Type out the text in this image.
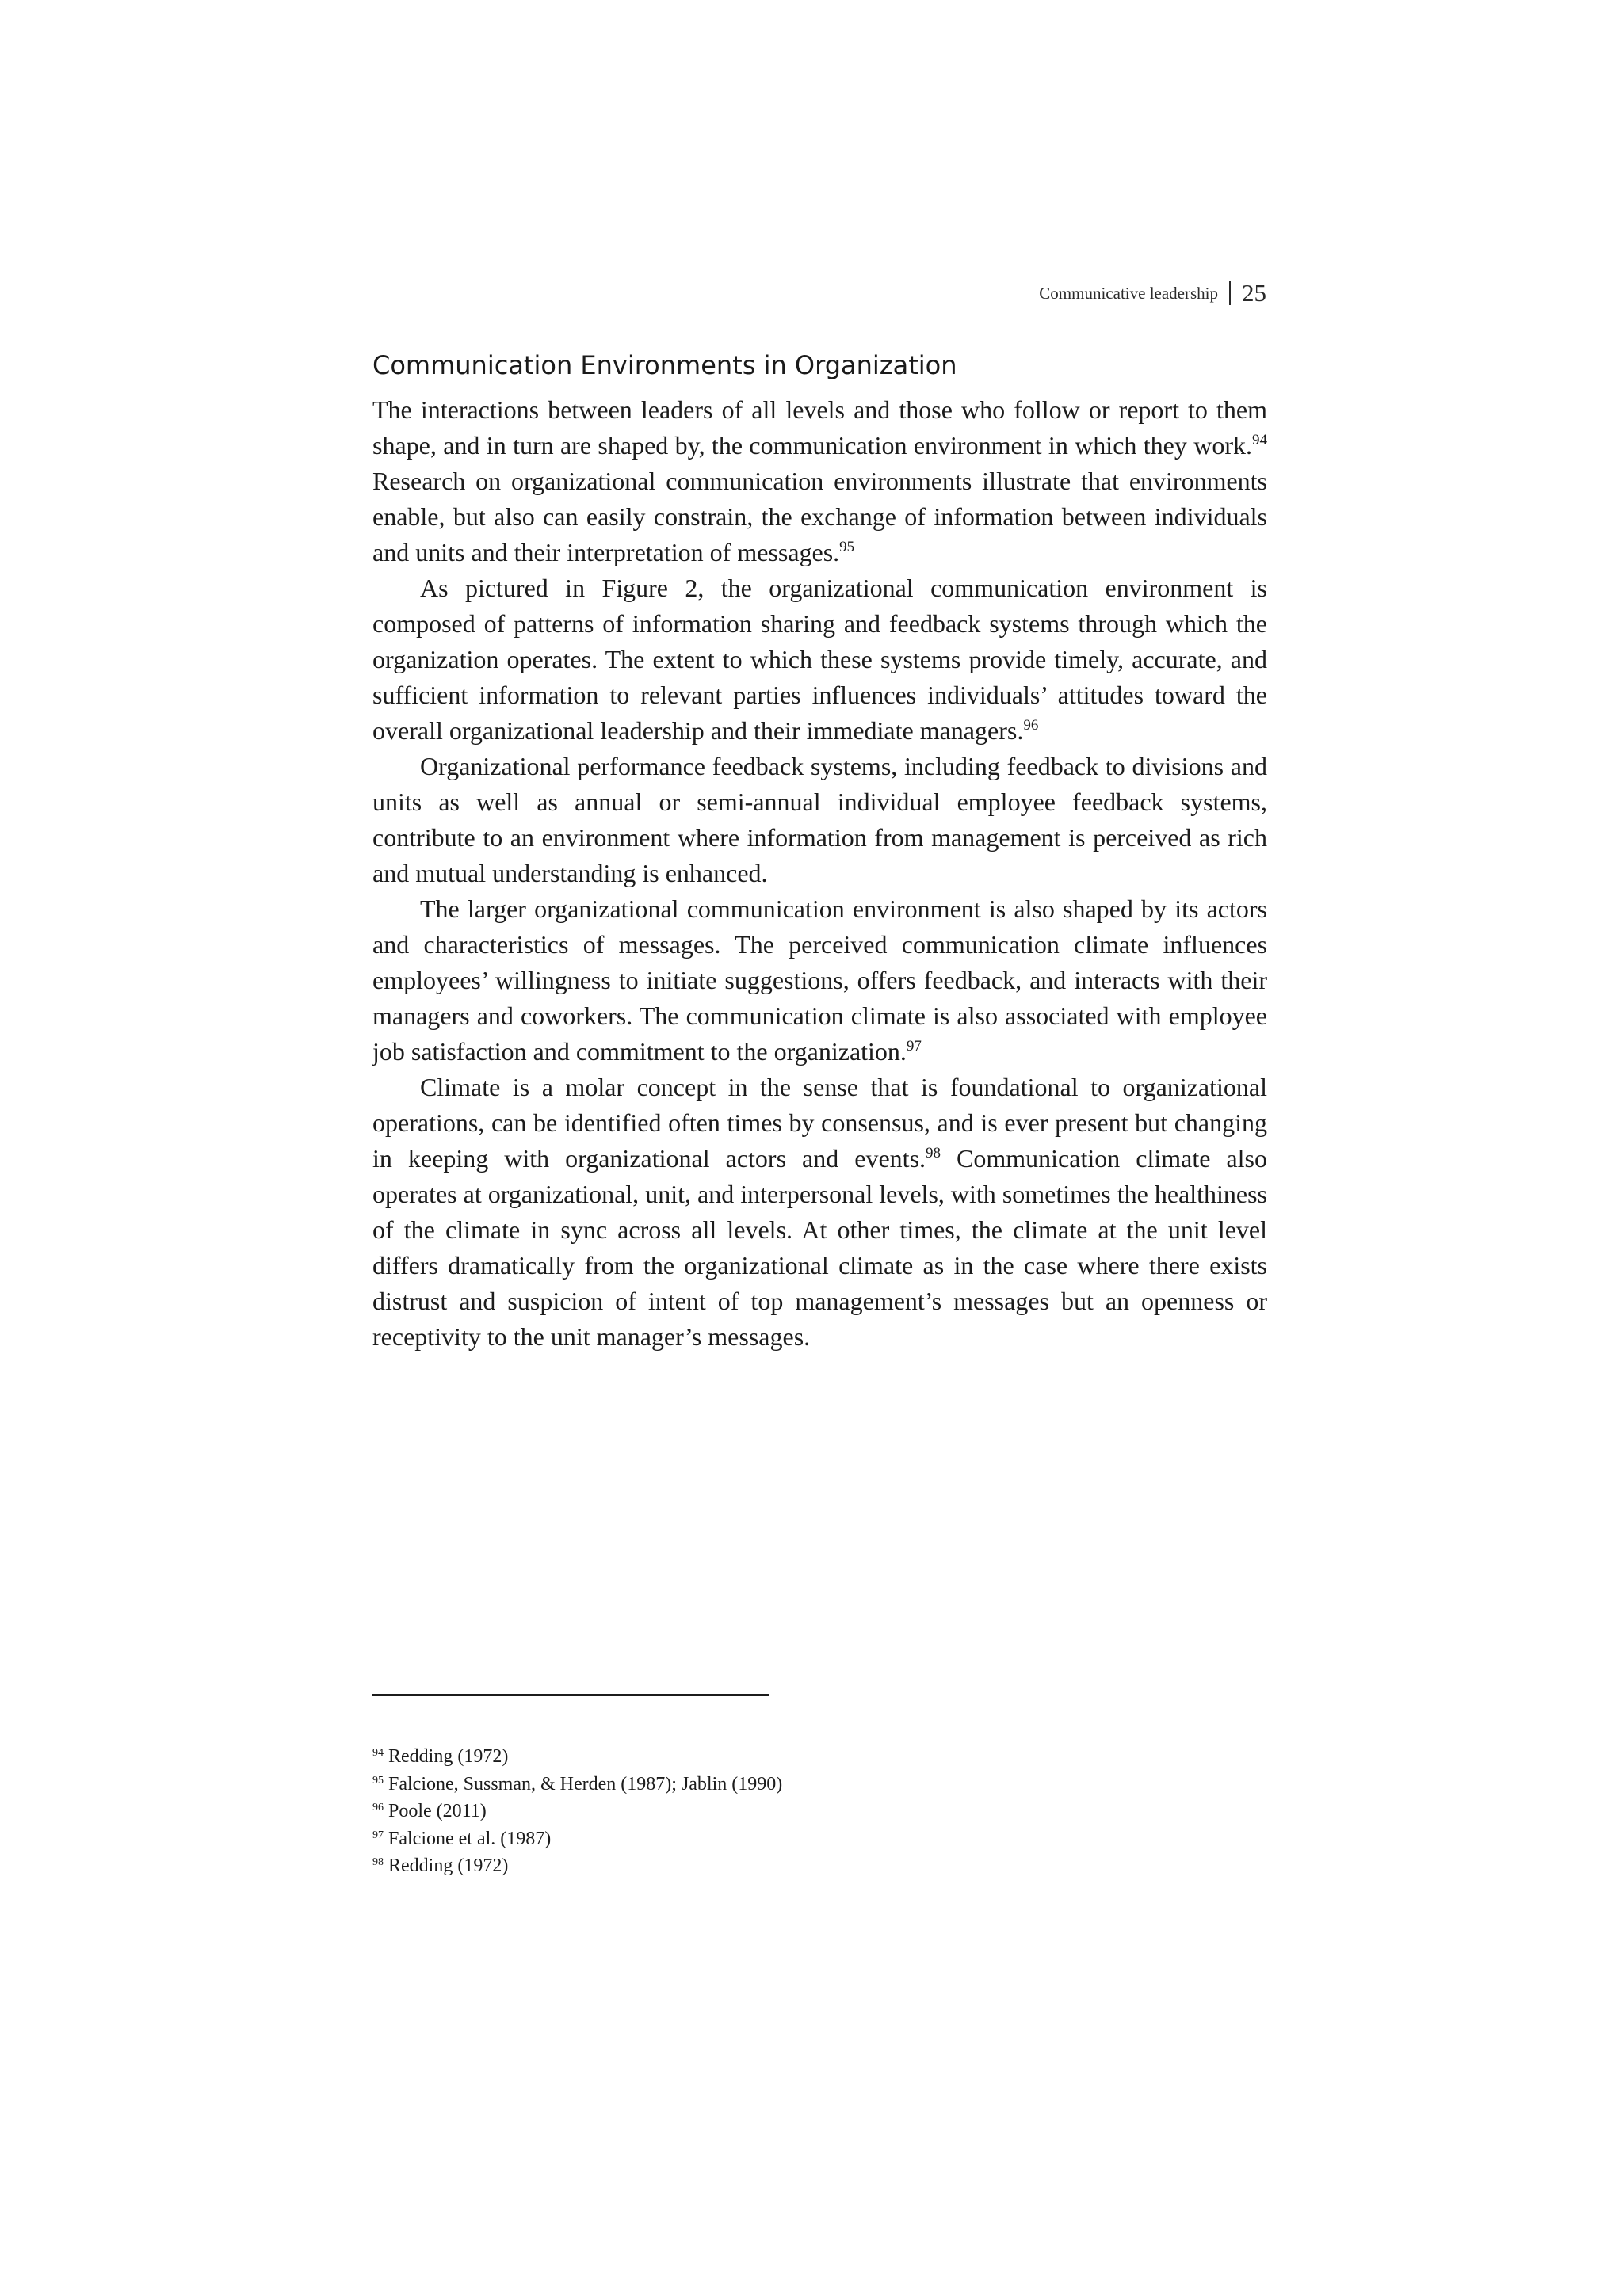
Communicative leadership 25
Communication Environments in Organization

The interactions between leaders of all levels and those who follow or report to them shape, and in turn are shaped by, the communication environment in which they work.$^{94}$ Research on organizational communication environments illustrate that environments enable, but also can easily constrain, the exchange of information between individuals and units and their interpretation of messages.$^{95}$

As pictured in Figure 2, the organizational communication environment is composed of patterns of information sharing and feedback systems through which the organization operates. The extent to which these systems provide timely, accurate, and sufficient information to relevant parties influences individuals’ attitudes toward the overall organizational leadership and their immediate managers.$^{96}$

Organizational performance feedback systems, including feedback to divisions and units as well as annual or semi-annual individual employee feedback systems, contribute to an environment where information from management is perceived as rich and mutual understanding is enhanced.

The larger organizational communication environment is also shaped by its actors and characteristics of messages. The perceived communication climate influences employees’ willingness to initiate suggestions, offers feedback, and interacts with their managers and coworkers. The communication climate is also associated with employee job satisfaction and commitment to the organization.$^{97}$

Climate is a molar concept in the sense that is foundational to organizational operations, can be identified often times by consensus, and is ever present but changing in keeping with organizational actors and events.$^{98}$ Communication climate also operates at organizational, unit, and interpersonal levels, with sometimes the healthiness of the climate in sync across all levels. At other times, the climate at the unit level differs dramatically from the organizational climate as in the case where there exists distrust and suspicion of intent of top management’s messages but an openness or receptivity to the unit manager’s messages.

$^{94}$ Redding (1972)
$^{95}$ Falcione, Sussman, & Herden (1987); Jablin (1990)
$^{96}$ Poole (2011)
$^{97}$ Falcione et al. (1987)
$^{98}$ Redding (1972)
